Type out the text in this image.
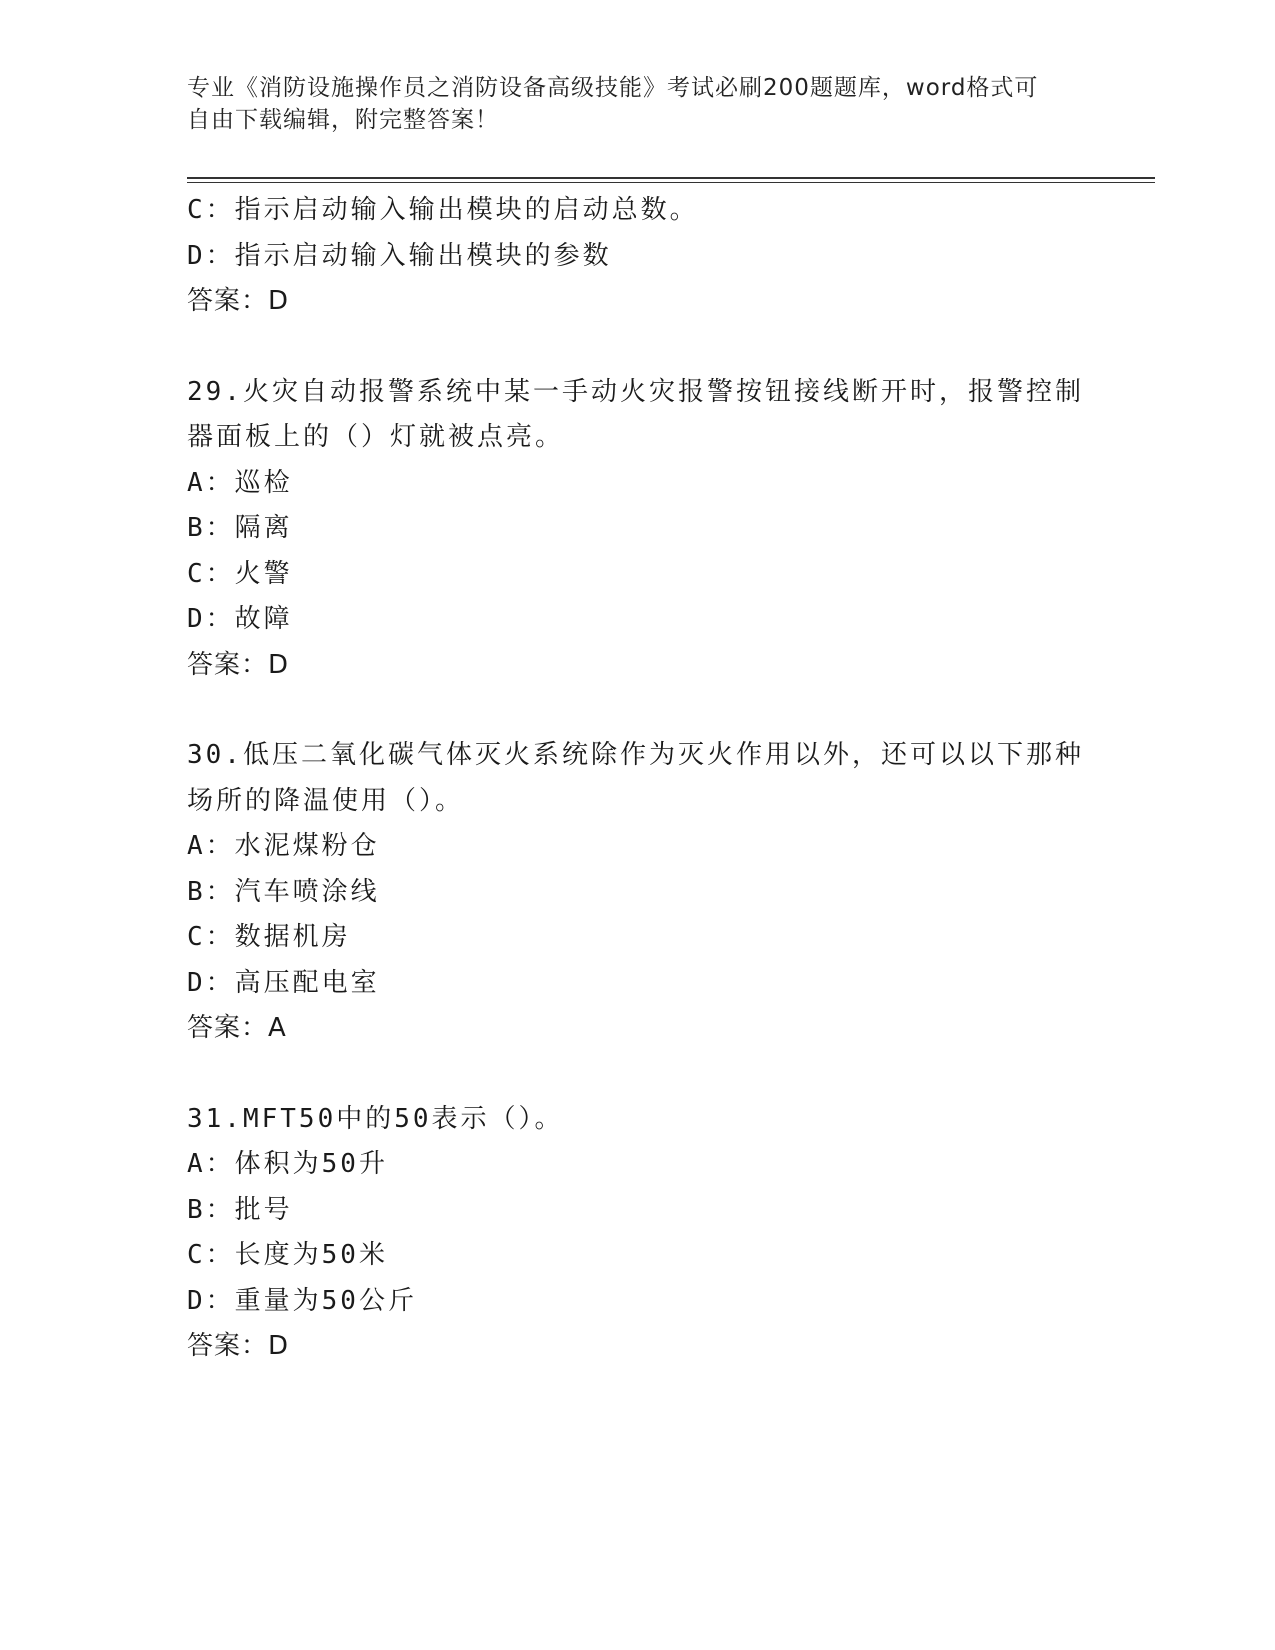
专业《消防设施操作员之消防设备高级技能》考试必刷200题题库，word格式可
自由下载编辑，附完整答案！
C：指示启动输入输出模块的启动总数。
D：指示启动输入输出模块的参数
答案：D
29.火灾自动报警系统中某一手动火灾报警按钮接线断开时，报警控制
器面板上的（）灯就被点亮。
A：巡检
B：隔离
C：火警
D：故障
答案：D
30.低压二氧化碳气体灭火系统除作为灭火作用以外，还可以以下那种
场所的降温使用（）。
A：水泥煤粉仓
B：汽车喷涂线
C：数据机房
D：高压配电室
答案：A
31.MFT50中的50表示（）。
A：体积为50升
B：批号
C：长度为50米
D：重量为50公斤
答案：D
